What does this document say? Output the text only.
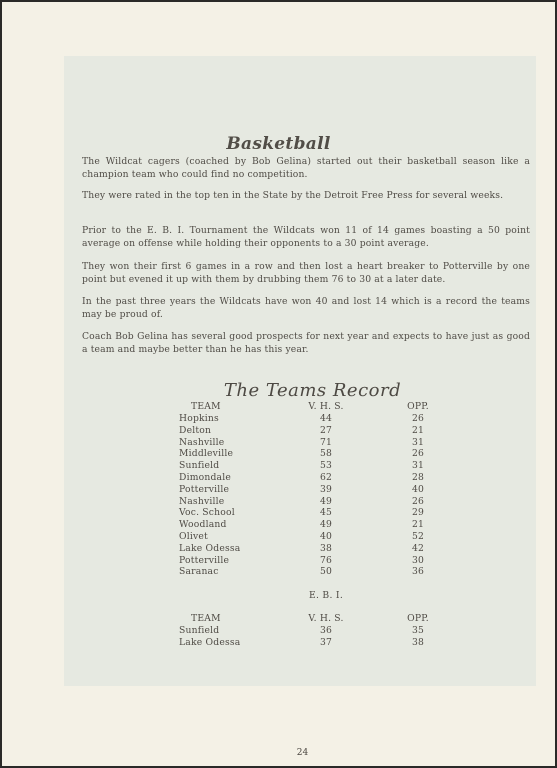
Basketball
The Wildcat cagers (coached by Bob Gelina) started out their basketball season like a champion team who could find no competition.
They were rated in the top ten in the State by the Detroit Free Press for several weeks.
Prior to the E. B. I. Tournament the Wildcats won 11 of 14 games boasting a 50 point average on offense while holding their opponents to a 30 point average.
They won their first 6 games in a row and then lost a heart breaker to Potterville by one point but evened it up with them by drubbing them 76 to 30 at a later date.
In the past three years the Wildcats have won 40 and lost 14 which is a record the teams may be proud of.
Coach Bob Gelina has several good prospects for next year and expects to have just as good a team and maybe better than he has this year.
The Teams Record
TEAM	V. H. S.	OPP.
Hopkins	44	26
Delton	27	21
Nashville	71	31
Middleville	58	26
Sunfield	53	31
Dimondale	62	28
Potterville	39	40
Nashville	49	26
Voc. School	45	29
Woodland	49	21
Olivet	40	52
Lake Odessa	38	42
Potterville	76	30
Saranac	50	36
E. B. I.
TEAM	V. H. S.	OPP.
Sunfield	36	35
Lake Odessa	37	38
24
